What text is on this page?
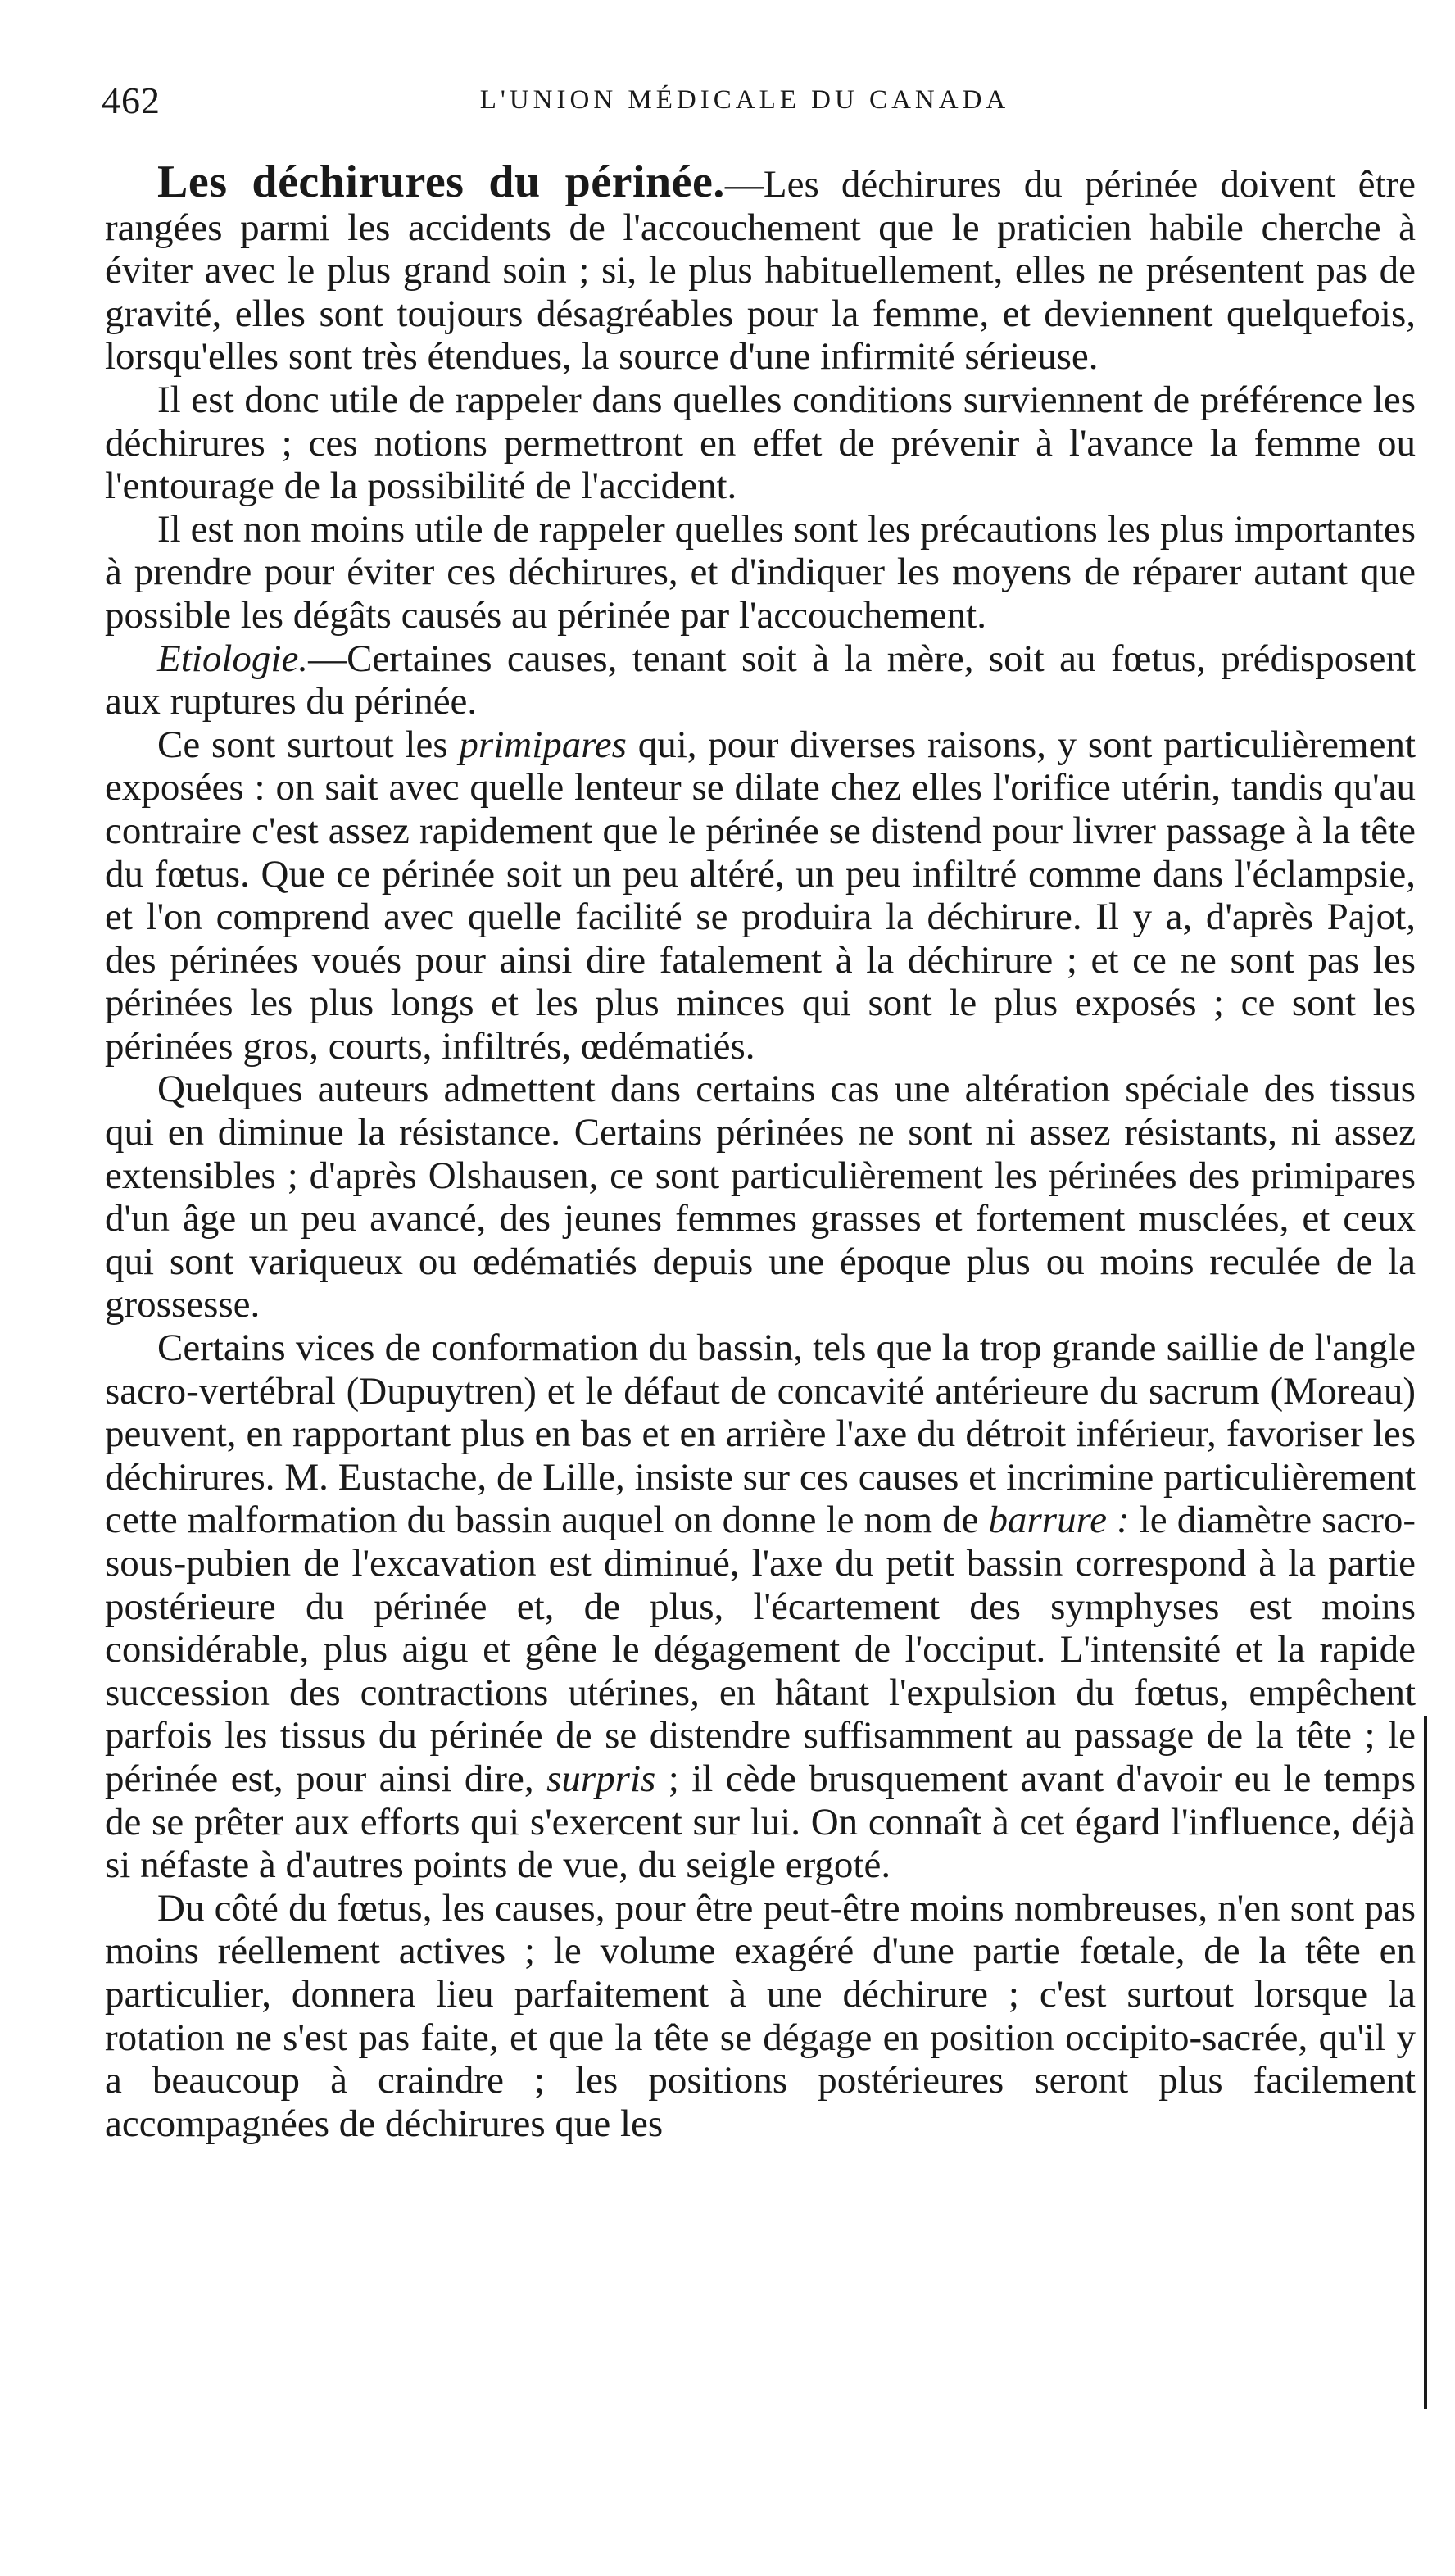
462	L'UNION MÉDICALE DU CANADA

Les déchirures du périnée.—Les déchirures du périnée doivent être rangées parmi les accidents de l'accouchement que le praticien habile cherche à éviter avec le plus grand soin ; si, le plus habituellement, elles ne présentent pas de gravité, elles sont toujours désagréables pour la femme, et deviennent quelquefois, lorsqu'elles sont très étendues, la source d'une infirmité sérieuse.

Il est donc utile de rappeler dans quelles conditions surviennent de préférence les déchirures ; ces notions permettront en effet de prévenir à l'avance la femme ou l'entourage de la possibilité de l'accident.

Il est non moins utile de rappeler quelles sont les précautions les plus importantes à prendre pour éviter ces déchirures, et d'indiquer les moyens de réparer autant que possible les dégâts causés au périnée par l'accouchement.

Etiologie.—Certaines causes, tenant soit à la mère, soit au fœtus, prédisposent aux ruptures du périnée.

Ce sont surtout les primipares qui, pour diverses raisons, y sont particulièrement exposées : on sait avec quelle lenteur se dilate chez elles l'orifice utérin, tandis qu'au contraire c'est assez rapidement que le périnée se distend pour livrer passage à la tête du fœtus. Que ce périnée soit un peu altéré, un peu infiltré comme dans l'éclampsie, et l'on comprend avec quelle facilité se produira la déchirure. Il y a, d'après Pajot, des périnées voués pour ainsi dire fatalement à la déchirure ; et ce ne sont pas les périnées les plus longs et les plus minces qui sont le plus exposés ; ce sont les périnées gros, courts, infiltrés, œdématiés.

Quelques auteurs admettent dans certains cas une altération spéciale des tissus qui en diminue la résistance. Certains périnées ne sont ni assez résistants, ni assez extensibles ; d'après Olshausen, ce sont particulièrement les périnées des primipares d'un âge un peu avancé, des jeunes femmes grasses et fortement musclées, et ceux qui sont variqueux ou œdématiés depuis une époque plus ou moins reculée de la grossesse.

Certains vices de conformation du bassin, tels que la trop grande saillie de l'angle sacro-vertébral (Dupuytren) et le défaut de concavité antérieure du sacrum (Moreau) peuvent, en rapportant plus en bas et en arrière l'axe du détroit inférieur, favoriser les déchirures. M. Eustache, de Lille, insiste sur ces causes et incrimine particulièrement cette malformation du bassin auquel on donne le nom de barrure : le diamètre sacro-sous-pubien de l'excavation est diminué, l'axe du petit bassin correspond à la partie postérieure du périnée et, de plus, l'écartement des symphyses est moins considérable, plus aigu et gêne le dégagement de l'occiput. L'intensité et la rapide succession des contractions utérines, en hâtant l'expulsion du fœtus, empêchent parfois les tissus du périnée de se distendre suffisamment au passage de la tête ; le périnée est, pour ainsi dire, surpris ; il cède brusquement avant d'avoir eu le temps de se prêter aux efforts qui s'exercent sur lui. On connaît à cet égard l'influence, déjà si néfaste à d'autres points de vue, du seigle ergoté.

Du côté du fœtus, les causes, pour être peut-être moins nombreuses, n'en sont pas moins réellement actives ; le volume exagéré d'une partie fœtale, de la tête en particulier, donnera lieu parfaitement à une déchirure ; c'est surtout lorsque la rotation ne s'est pas faite, et que la tête se dégage en position occipito-sacrée, qu'il y a beaucoup à craindre ; les positions postérieures seront plus facilement accompagnées de déchirures que les
